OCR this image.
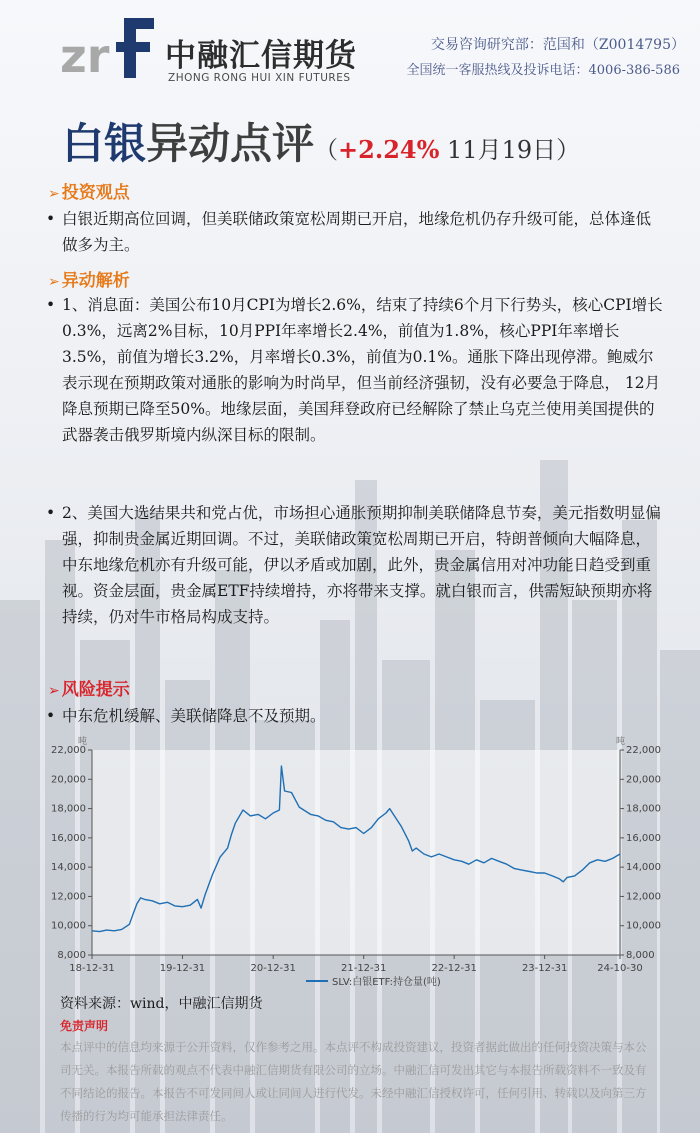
zr 中融汇信期货
ZHONG RONG HUI XIN FUTURES
交易咨询研究部：范国和（Z0014795）
全国统一客服热线及投诉电话：4006-386-586
白银异动点评（+2.24% 11月19日）
➢ 投资观点
• 白银近期高位回调，但美联储政策宽松周期已开启，地缘危机仍存升级可能，总体逢低做多为主。
➢ 异动解析
• 1、消息面：美国公布10月CPI为增长2.6%，结束了持续6个月下行势头，核心CPI增长0.3%，远离2%目标，10月PPI年率增长2.4%，前值为1.8%，核心PPI年率增长3.5%，前值为增长3.2%，月率增长0.3%，前值为0.1%。通胀下降出现停滞。鲍威尔表示现在预期政策对通胀的影响为时尚早，但当前经济强韧，没有必要急于降息， 12月降息预期已降至50%。地缘层面，美国拜登政府已经解除了禁止乌克兰使用美国提供的武器袭击俄罗斯境内纵深目标的限制。
• 2、美国大选结果共和党占优，市场担心通胀预期抑制美联储降息节奏，美元指数明显偏强，抑制贵金属近期回调。不过，美联储政策宽松周期已开启，特朗普倾向大幅降息，中东地缘危机亦有升级可能，伊以矛盾或加剧，此外，贵金属信用对冲功能日趋受到重视。资金层面，贵金属ETF持续增持，亦将带来支撑。就白银而言，供需短缺预期亦将持续，仍对牛市格局构成支持。
➢ 风险提示
• 中东危机缓解、美联储降息不及预期。
吨	吨
22,000	22,000
20,000	20,000
18,000	18,000
16,000	16,000
14,000	14,000
12,000	12,000
10,000	10,000
8,000	8,000
18-12-31	19-12-31	20-12-31	21-12-31	22-12-31	23-12-31	24-10-30
SLV:白银ETF:持仓量(吨)
资料来源：wind，中融汇信期货
免责声明
本点评中的信息均来源于公开资料，仅作参考之用。本点评不构成投资建议，投资者据此做出的任何投资决策与本公司无关。本报告所载的观点不代表中融汇信期货有限公司的立场。中融汇信可发出其它与本报告所载资料不一致及有不同结论的报告。本报告不可发同间人或让同间人进行代发。未经中融汇信授权许可，任何引用、转载以及向第三方传播的行为均可能承担法律责任。
